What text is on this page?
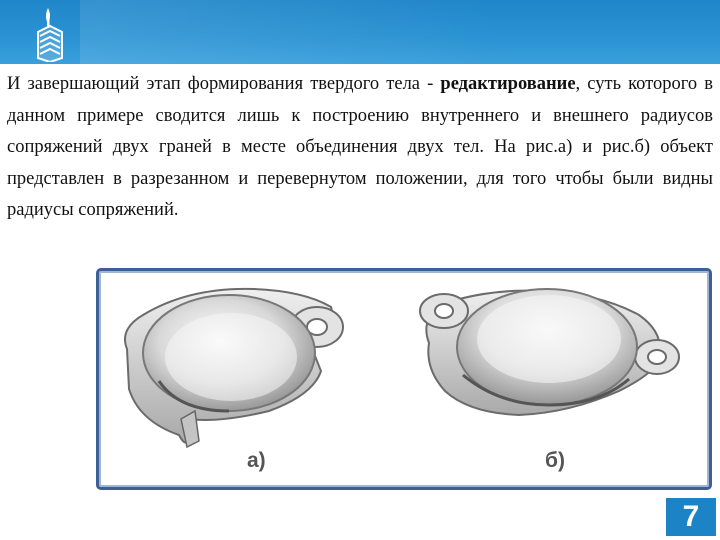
И завершающий этап формирования твердого тела - редактирование, суть которого в данном примере сводится лишь к построению внутреннего и внешнего радиусов сопряжений двух граней в месте объединения двух тел. На рис.а) и рис.б) объект представлен в разрезанном и перевернутом положении, для того чтобы были видны радиусы сопряжений.

а)	б)
7
